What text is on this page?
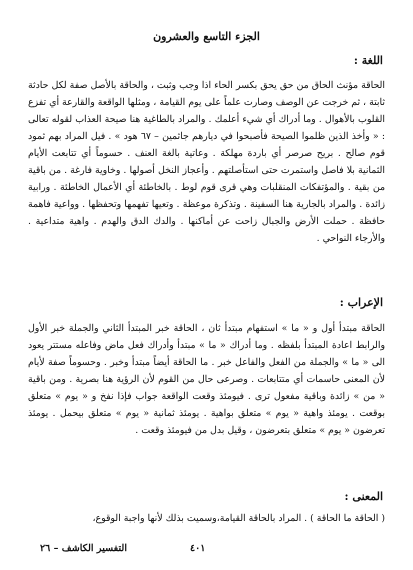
الجزء التاسع والعشرون
اللغة :

الحاقة مؤنث الحاق من حق يحق بكسر الحاء اذا وجب وثبت ، والحاقة بالأصل صفة لكل حادثة ثابتة ، ثم خرجت عن الوصف وصارت علماً على يوم القيامة ، ومثلها الواقعة والقارعة أي تفزع القلوب بالأهوال . وما أدراك أي شيء أعلمك . والمراد بالطاغية هنا صيحة العذاب لقوله تعالى : « وأخذ الذين ظلموا الصيحة فأصبحوا في ديارهم جاثمين – ٦٧ هود » . فيل المراد بهم ثمود قوم صالح . بريح صرصر أي باردة مهلكة . وعاتية بالغة العنف . حسوماً أي تتابعت الأيام الثمانية بلا فاصل واستمرت حتى استأصلتهم . وأعجاز النخل أصولها . وخاوية فارغة . من باقية من بقية . والمؤتفكات المنقلبات وهي قرى قوم لوط . بالخاطئة أي الأعمال الخاطئة . ورابية زائدة . والمراد بالجارية هنا السفينة . وتذكرة موعظة . وتعيها تفهمها وتحفظها . وواعية فاهمة حافظة . حملت الأرض والجبال زاحت عن أماكنها . والدك الدق والهدم . واهية متداعية . والأرجاء النواحي .

الإعراب :

الحاقة مبتدأ أول و « ما » استفهام مبتدأ ثان ، الحاقة خبر المبتدأ الثاني والجملة خبر الأول والرابط اعادة المبتدأ بلفظه . وما أدراك « ما » مبتدأ وأدراك فعل ماض وفاعله مستتر يعود الى « ما » والجملة من الفعل والفاعل خبر . ما الحاقة أيضاً مبتدأ وخبر . وحسوماً صفة لأيام لأن المعنى حاسمات أي متتابعات . وصرعى حال من القوم لأن الرؤية هنا بصرية . ومن باقية « من » زائدة وباقية مفعول ترى . فيومئذ وقعت الواقعة جواب فإذا نفخ و « يوم » متعلق بوقعت . يومئذ واهية « يوم » متعلق بواهية . يومئذ ثمانية « يوم » متعلق بيحمل . يومئذ تعرضون « يوم » متعلق بتعرضون ، وقيل بدل من فيومئذ وقعت .

المعنى :

( الحاقة ما الحاقة ) . المراد بالحاقة القيامة،وسميت بذلك لأنها واجبة الوقوع،

٤٠١
التفسير الكاشف – ٢٦
